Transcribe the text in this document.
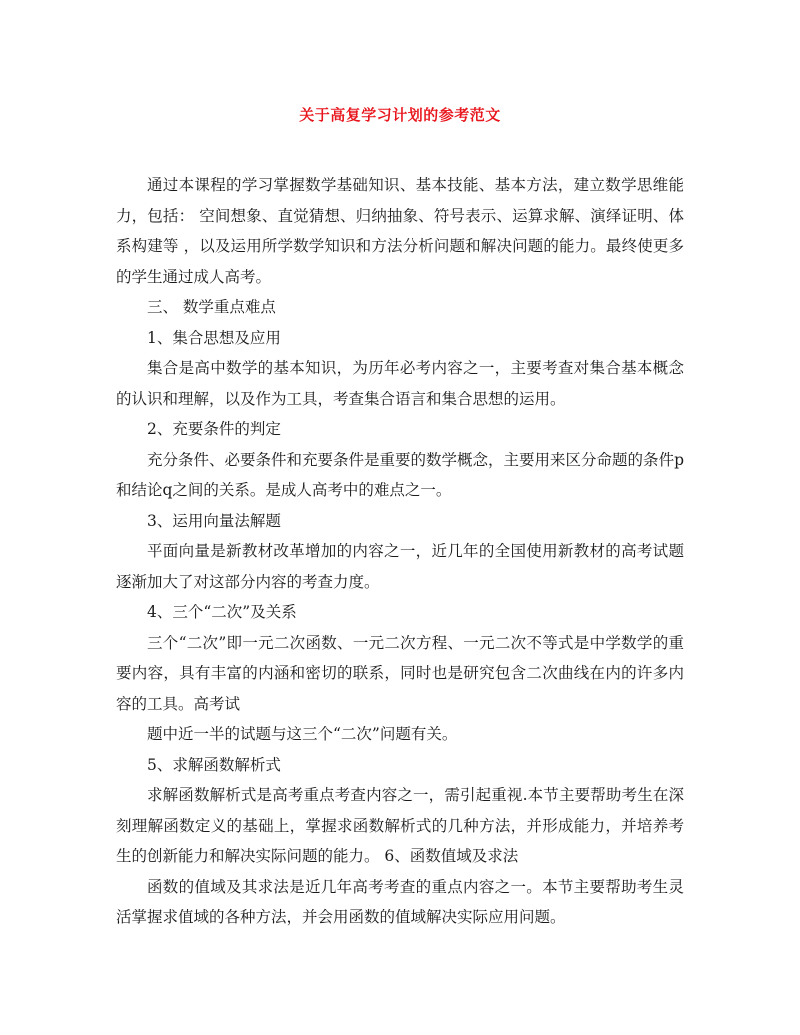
关于高复学习计划的参考范文

通过本课程的学习掌握数学基础知识、基本技能、基本方法，建立数学思维能力，包括： 空间想象、直觉猜想、归纳抽象、符号表示、运算求解、演绎证明、体系构建等 ，以及运用所学数学知识和方法分析问题和解决问题的能力。最终使更多的学生通过成人高考。

三、 数学重点难点

1、集合思想及应用

集合是高中数学的基本知识，为历年必考内容之一，主要考查对集合基本概念的认识和理解，以及作为工具，考查集合语言和集合思想的运用。

2、充要条件的判定

充分条件、必要条件和充要条件是重要的数学概念，主要用来区分命题的条件p和结论q之间的关系。是成人高考中的难点之一。

3、运用向量法解题

平面向量是新教材改革增加的内容之一，近几年的全国使用新教材的高考试题逐渐加大了对这部分内容的考查力度。

4、三个“二次”及关系

三个“二次”即一元二次函数、一元二次方程、一元二次不等式是中学数学的重要内容，具有丰富的内涵和密切的联系，同时也是研究包含二次曲线在内的许多内容的工具。高考试

题中近一半的试题与这三个“二次”问题有关。

5、求解函数解析式

求解函数解析式是高考重点考查内容之一，需引起重视.本节主要帮助考生在深刻理解函数定义的基础上，掌握求函数解析式的几种方法，并形成能力，并培养考生的创新能力和解决实际问题的能力。 6、函数值域及求法

函数的值域及其求法是近几年高考考查的重点内容之一。本节主要帮助考生灵活掌握求值域的各种方法，并会用函数的值域解决实际应用问题。
